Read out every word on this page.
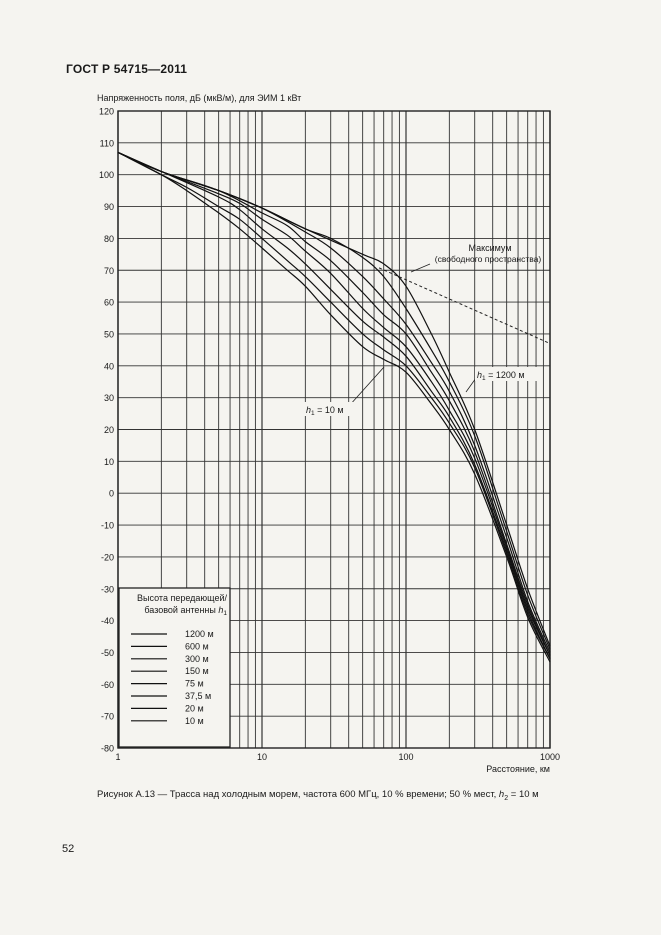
ГОСТ Р 54715—2011
Напряженность поля, дБ (мкВ/м), для ЭИМ 1 кВт
120
110
100
90
80
70
60
50
40
30
20
10
0
-10
-20
-30
-40
-50
-60
-70
-80
1	10	100	1000
Расстояние, км
Высота передающей/
базовой антенны $h_1$
1200 м
600 м
300 м
150 м
75 м
37,5 м
20 м
10 м
Максимум
(свободного пространства)
$h_1 = 1200$ м
$h_1 = 10$ м
Рисунок А.13 — Трасса над холодным морем, частота 600 МГц, 10 % времени; 50 % мест, $h_2 = 10$ м
52
